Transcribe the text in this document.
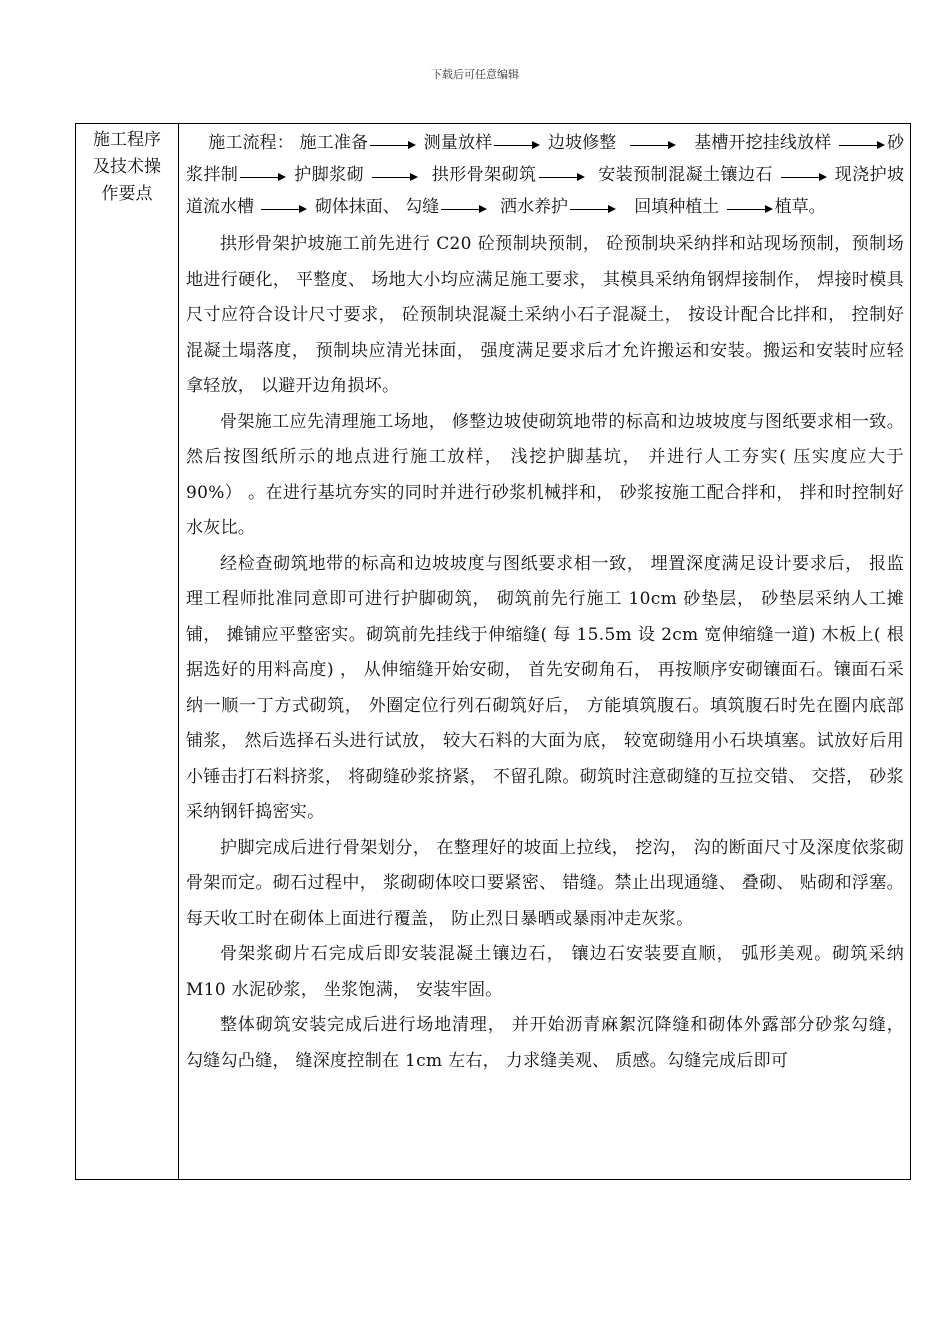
下载后可任意编辑
施工程序
及技术操
作要点
施工流程： 施工准备	测量放样	边坡修整	基槽开挖挂线放样	砂浆拌制	护脚浆砌	拱形骨架砌筑	安装预制混凝土镶边石	现浇护坡道流水槽	砌体抹面、 勾缝	洒水养护	回填种植土	植草。

拱形骨架护坡施工前先进行 C20 砼预制块预制， 砼预制块采纳拌和站现场预制，预制场地进行硬化， 平整度、 场地大小均应满足施工要求， 其模具采纳角钢焊接制作， 焊接时模具尺寸应符合设计尺寸要求， 砼预制块混凝土采纳小石子混凝土， 按设计配合比拌和， 控制好混凝土塌落度， 预制块应清光抹面， 强度满足要求后才允许搬运和安装。搬运和安装时应轻拿轻放， 以避开边角损坏。

骨架施工应先清理施工场地， 修整边坡使砌筑地带的标高和边坡坡度与图纸要求相一致。然后按图纸所示的地点进行施工放样， 浅挖护脚基坑， 并进行人工夯实( 压实度应大于 90%） 。在进行基坑夯实的同时并进行砂浆机械拌和， 砂浆按施工配合拌和， 拌和时控制好水灰比。

经检查砌筑地带的标高和边坡坡度与图纸要求相一致， 埋置深度满足设计要求后， 报监理工程师批准同意即可进行护脚砌筑， 砌筑前先行施工 10cm 砂垫层， 砂垫层采纳人工摊铺， 摊铺应平整密实。砌筑前先挂线于伸缩缝( 每 15.5m 设 2cm 宽伸缩缝一道) 木板上( 根据选好的用料高度) ， 从伸缩缝开始安砌， 首先安砌角石， 再按顺序安砌镶面石。镶面石采纳一顺一丁方式砌筑， 外圈定位行列石砌筑好后， 方能填筑腹石。填筑腹石时先在圈内底部铺浆， 然后选择石头进行试放， 较大石料的大面为底， 较宽砌缝用小石块填塞。试放好后用小锤击打石料挤浆， 将砌缝砂浆挤紧， 不留孔隙。砌筑时注意砌缝的互拉交错、 交搭， 砂浆采纳钢钎捣密实。

护脚完成后进行骨架划分， 在整理好的坡面上拉线， 挖沟， 沟的断面尺寸及深度依浆砌骨架而定。砌石过程中， 浆砌砌体咬口要紧密、 错缝。禁止出现通缝、 叠砌、 贴砌和浮塞。每天收工时在砌体上面进行覆盖， 防止烈日暴晒或暴雨冲走灰浆。

骨架浆砌片石完成后即安装混凝土镶边石， 镶边石安装要直顺， 弧形美观。砌筑采纳 M10 水泥砂浆， 坐浆饱满， 安装牢固。

整体砌筑安装完成后进行场地清理， 并开始沥青麻絮沉降缝和砌体外露部分砂浆勾缝， 勾缝勾凸缝， 缝深度控制在 1cm 左右， 力求缝美观、 质感。勾缝完成后即可
